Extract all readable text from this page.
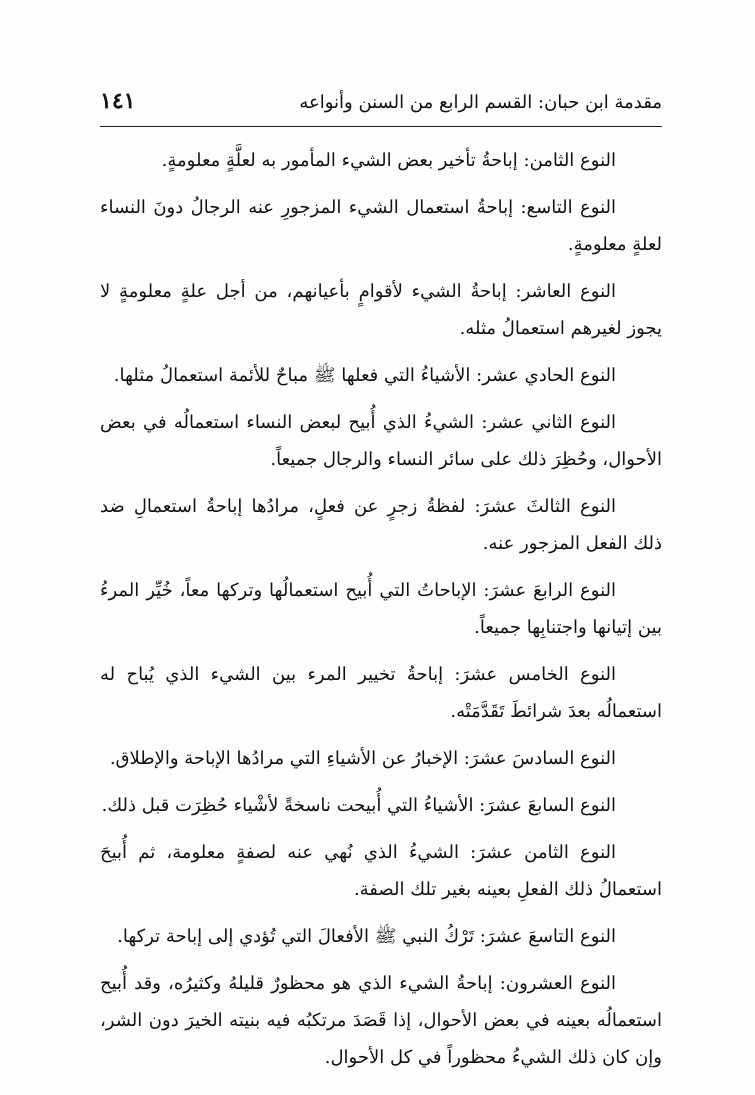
مقدمة ابن حبان: القسم الرابع من السنن وأنواعه
١٤١

النوع الثامن: إباحةُ تأخير بعض الشيء المأمور به لعلَّةٍ معلومةٍ.

النوع التاسع: إباحةُ استعمال الشيء المزجورِ عنه الرجالُ دونَ النساء لعلةٍ معلومةٍ.

النوع العاشر: إباحةُ الشيء لأقوامٍ بأعيانهم، من أجل علةٍ معلومةٍ لا يجوز لغيرهم استعمالُ مثله.

النوع الحادي عشر: الأشياءُ التي فعلها ﷺ مباحٌ للأئمة استعمالُ مثلها.

النوع الثاني عشر: الشيءُ الذي أُبيح لبعض النساء استعمالُه في بعض الأحوال، وحُظِرَ ذلك على سائر النساء والرجال جميعاً.

النوع الثالثَ عشرَ: لفظةُ زجرٍ عن فعلٍ، مرادُها إباحةُ استعمالِ ضد ذلك الفعل المزجور عنه.

النوع الرابعَ عشرَ: الإباحاتُ التي أُبيح استعمالُها وتركها معاً، خُيِّر المرءُ بين إتيانها واجتنابِها جميعاً.

النوع الخامس عشرَ: إباحةُ تخيير المرء بين الشيء الذي يُباح له استعمالُه بعدَ شرائطَ تَقَدَّمَتْه.

النوع السادسَ عشرَ: الإخبارُ عن الأشياءِ التي مرادُها الإباحة والإطلاق.

النوع السابعَ عشرَ: الأشياءُ التي أُبيحت ناسخةً لأشْياء حُظِرَت قبل ذلك.

النوع الثامن عشرَ: الشيءُ الذي نُهي عنه لصفةٍ معلومة، ثم أُبيحَ استعمالُ ذلك الفعلِ بعينه بغير تلك الصفة.

النوع التاسعَ عشرَ: تَرْكُ النبي ﷺ الأفعالَ التي تُؤدي إلى إباحة تركها.

النوع العشرون: إباحةُ الشيء الذي هو محظورٌ قليلهُ وكثيرُه، وقد أُبيح استعمالُه بعينه في بعض الأحوال، إذا قَصَدَ مرتكبُه فيه بنيته الخيرَ دون الشر، وإن كان ذلك الشيءُ محظوراً في كل الأحوال.
